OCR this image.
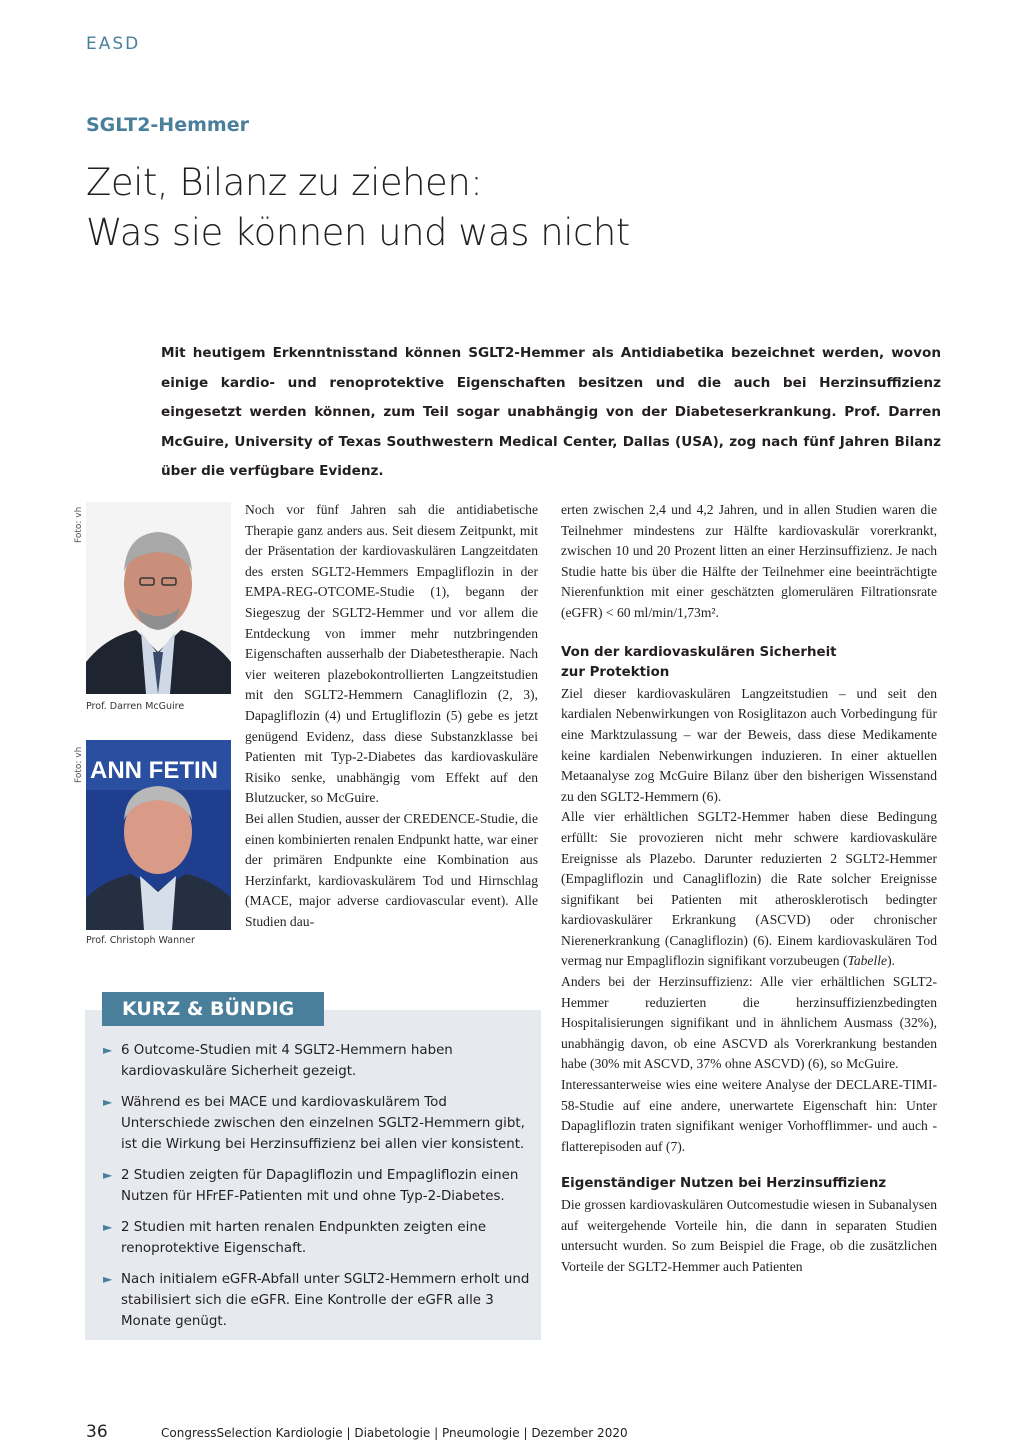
EASD
SGLT2-Hemmer
Zeit, Bilanz zu ziehen:
Was sie können und was nicht

Mit heutigem Erkenntnisstand können SGLT2-Hemmer als Antidiabetika bezeichnet werden, wovon einige kardio- und renoprotektive Eigenschaften besitzen und die auch bei Herzinsuffizienz eingesetzt werden können, zum Teil sogar unabhängig von der Diabeteserkrankung. Prof. Darren McGuire, University of Texas Southwestern Medical Center, Dallas (USA), zog nach fünf Jahren Bilanz über die verfügbare Evidenz.

Foto: vh
Prof. Darren McGuire
Foto: vh ANN FETIN
Prof. Christoph Wanner

Noch vor fünf Jahren sah die antidiabetische Therapie ganz anders aus. Seit diesem Zeitpunkt, mit der Präsentation der kardiovaskulären Langzeitdaten des ersten SGLT2-Hemmers Empagliflozin in der EMPA-REG-OTCOME-Studie (1), begann der Siegeszug der SGLT2-Hemmer und vor allem die Entdeckung von immer mehr nutzbringenden Eigenschaften ausserhalb der Diabetestherapie. Nach vier weiteren plazebokontrollierten Langzeitstudien mit den SGLT2-Hemmern Canagliflozin (2, 3), Dapagliflozin (4) und Ertugliflozin (5) gebe es jetzt genügend Evidenz, dass diese Substanzklasse bei Patienten mit Typ-2-Diabetes das kardiovaskuläre Risiko senke, unabhängig vom Effekt auf den Blutzucker, so McGuire.

Bei allen Studien, ausser der CREDENCE-Studie, die einen kombinierten renalen Endpunkt hatte, war einer der primären Endpunkte eine Kombination aus Herzinfarkt, kardiovaskulärem Tod und Hirnschlag (MACE, major adverse cardiovascular event). Alle Studien dau-

erten zwischen 2,4 und 4,2 Jahren, und in allen Studien waren die Teilnehmer mindestens zur Hälfte kardiovaskulär vorerkrankt, zwischen 10 und 20 Prozent litten an einer Herzinsuffizienz. Je nach Studie hatte bis über die Hälfte der Teilnehmer eine beeinträchtigte Nierenfunktion mit einer geschätzten glomerulären Filtrationsrate (eGFR) < 60 ml/min/1,73m².

Von der kardiovaskulären Sicherheit
zur Protektion

Ziel dieser kardiovaskulären Langzeitstudien – und seit den kardialen Nebenwirkungen von Rosiglitazon auch Vorbedingung für eine Marktzulassung – war der Beweis, dass diese Medikamente keine kardialen Nebenwirkungen induzieren. In einer aktuellen Metaanalyse zog McGuire Bilanz über den bisherigen Wissenstand zu den SGLT2-Hemmern (6).

Alle vier erhältlichen SGLT2-Hemmer haben diese Bedingung erfüllt: Sie provozieren nicht mehr schwere kardiovaskuläre Ereignisse als Plazebo. Darunter reduzierten 2 SGLT2-Hemmer (Empagliflozin und Canagliflozin) die Rate solcher Ereignisse signifikant bei Patienten mit atherosklerotisch bedingter kardiovaskulärer Erkrankung (ASCVD) oder chronischer Nierenerkrankung (Canagliflozin) (6). Einem kardiovaskulären Tod vermag nur Empagliflozin signifikant vorzubeugen (Tabelle).

Anders bei der Herzinsuffizienz: Alle vier erhältlichen SGLT2-Hemmer reduzierten die herzinsuffizienzbedingten Hospitalisierungen signifikant und in ähnlichem Ausmass (32%), unabhängig davon, ob eine ASCVD als Vorerkrankung bestanden habe (30% mit ASCVD, 37% ohne ASCVD) (6), so McGuire.

Interessanterweise wies eine weitere Analyse der DECLARE-TIMI-58-Studie auf eine andere, unerwartete Eigenschaft hin: Unter Dapagliflozin traten signifikant weniger Vorhofflimmer- und auch -flatterepisoden auf (7).

Eigenständiger Nutzen bei Herzinsuffizienz

Die grossen kardiovaskulären Outcomestudie wiesen in Subanalysen auf weitergehende Vorteile hin, die dann in separaten Studien untersucht wurden. So zum Beispiel die Frage, ob die zusätzlichen Vorteile der SGLT2-Hemmer auch Patienten

► 6 Outcome-Studien mit 4 SGLT2-Hemmern haben kardiovaskuläre Sicherheit gezeigt.
► Während es bei MACE und kardiovaskulärem Tod Unterschiede zwischen den einzelnen SGLT2-Hemmern gibt, ist die Wirkung bei Herzinsuffizienz bei allen vier konsistent.
► 2 Studien zeigten für Dapagliflozin und Empagliflozin einen Nutzen für HFrEF-Patienten mit und ohne Typ-2-Diabetes.
► 2 Studien mit harten renalen Endpunkten zeigten eine renoprotektive Eigenschaft.
► Nach initialem eGFR-Abfall unter SGLT2-Hemmern erholt und stabilisiert sich die eGFR. Eine Kontrolle der eGFR alle 3 Monate genügt.
KURZ & BÜNDIG
36	CongressSelection Kardiologie | Diabetologie | Pneumologie | Dezember 2020
